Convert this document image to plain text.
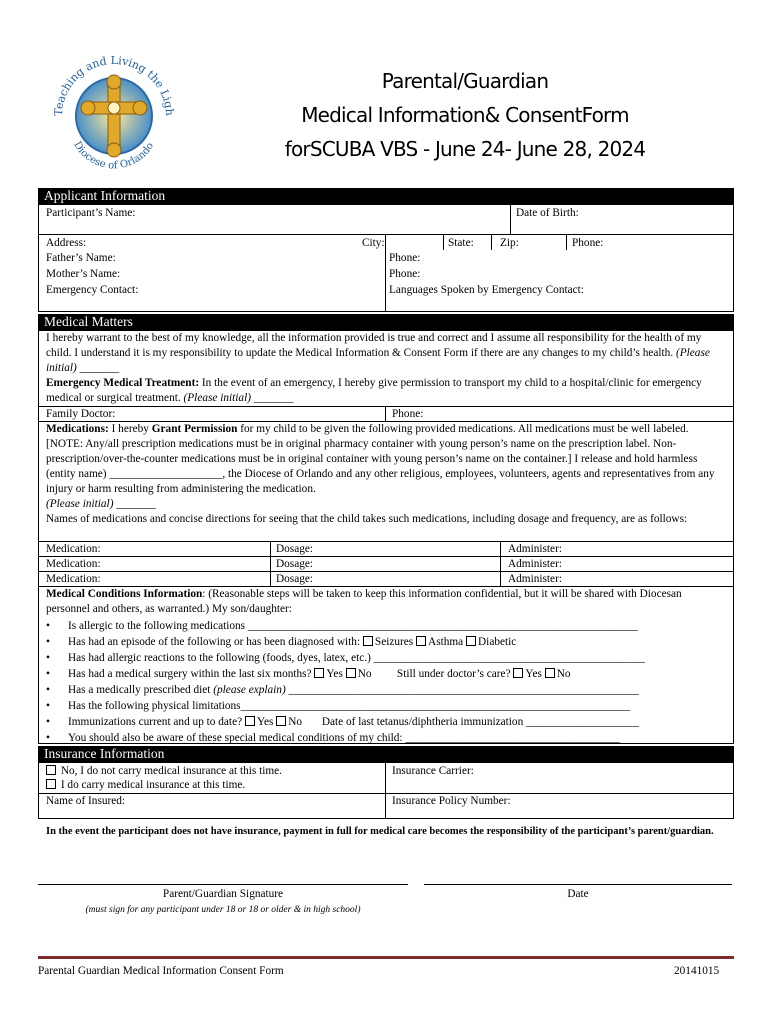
Teaching and Living the Ligh
Diocese of Orlando
Parental/Guardian
Medical Information& ConsentForm
forSCUBA VBS - June 24- June 28, 2024
Applicant Information
Participant’s Name:	Date of Birth:
Address:	City:	State: Zip:	Phone:
Father’s Name:	Phone:
Mother’s Name:	Phone:
Emergency Contact:	Languages Spoken by Emergency Contact:
Medical Matters
I hereby warrant to the best of my knowledge, all the information provided is true and correct and I assume all responsibility for the health of my child. I understand it is my responsibility to update the Medical Information & Consent Form if there are any changes to my child’s health. (Please initial) _______
Emergency Medical Treatment: In the event of an emergency, I hereby give permission to transport my child to a hospital/clinic for emergency medical or surgical treatment. (Please initial) _______
Family Doctor:	Phone:
Medications: I hereby Grant Permission for my child to be given the following provided medications. All medications must be well labeled. [NOTE: Any/all prescription medications must be in original pharmacy container with young person’s name on the prescription label. Non-prescription/over-the-counter medications must be in original container with young person’s name on the container.] I release and hold harmless (entity name) ____________________, the Diocese of Orlando and any other religious, employees, volunteers, agents and representatives from any injury or harm resulting from administering the medication.
(Please initial) _______
Names of medications and concise directions for seeing that the child takes such medications, including dosage and frequency, are as follows:
Medication:	Dosage:	Administer:
Medication:	Dosage:	Administer:
Medication:	Dosage:	Administer:
Medical Conditions Information: (Reasonable steps will be taken to keep this information confidential, but it will be shared with Diocesan personnel and others, as warranted.) My son/daughter:
• Is allergic to the following medications _____________________________________________________________________
• Has had an episode of the following or has been diagnosed with: Seizures Asthma Diabetic
• Has had allergic reactions to the following (foods, dyes, latex, etc.) ________________________________________________
• Has had a medical surgery within the last six months? Yes No Still under doctor’s care? Yes No
• Has a medically prescribed diet (please explain) ______________________________________________________________
• Has the following physical limitations_____________________________________________________________________
• Immunizations current and up to date? Yes No Date of last tetanus/diphtheria immunization ____________________
• You should also be aware of these special medical conditions of my child: ______________________________________
Insurance Information
No, I do not carry medical insurance at this time.
I do carry medical insurance at this time.
Insurance Carrier:
Name of Insured:	Insurance Policy Number:
In the event the participant does not have insurance, payment in full for medical care becomes the responsibility of the participant’s parent/guardian.
Parent/Guardian Signature	Date
(must sign for any participant under 18 or 18 or older & in high school)
Parental Guardian Medical Information Consent Form	20141015
